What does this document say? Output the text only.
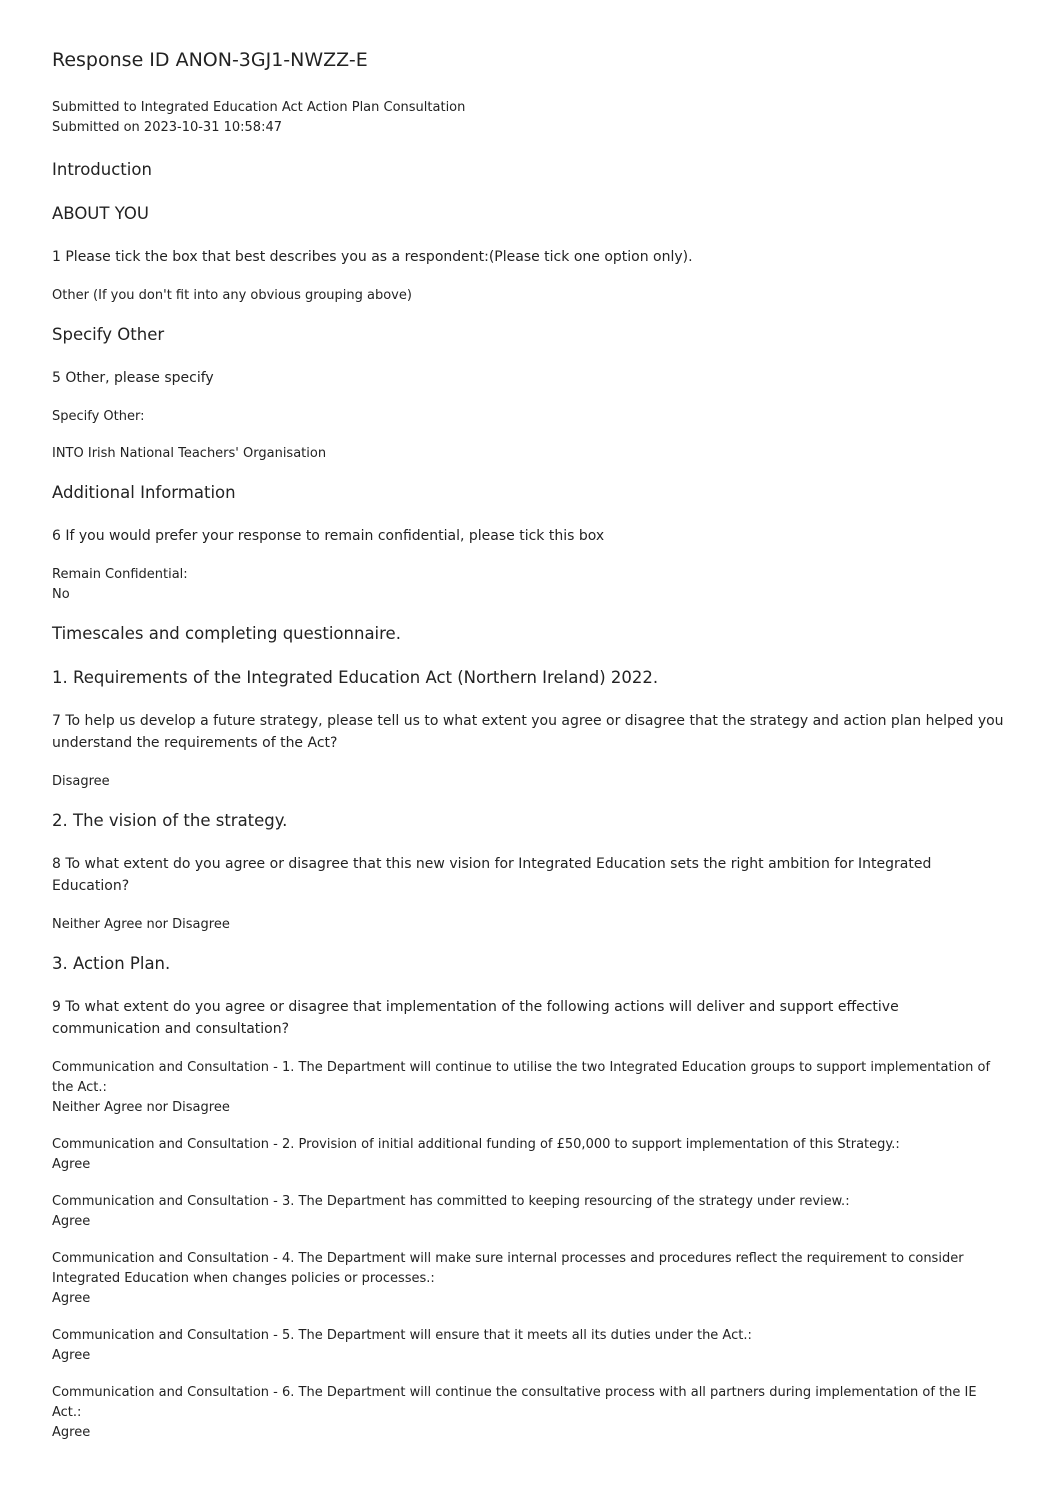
Response ID ANON-3GJ1-NWZZ-E
Submitted to Integrated Education Act Action Plan Consultation
Submitted on 2023-10-31 10:58:47
Introduction
ABOUT YOU
1 Please tick the box that best describes you as a respondent:(Please tick one option only).
Other (If you don't fit into any obvious grouping above)
Specify Other
5 Other, please specify
Specify Other:
INTO Irish National Teachers' Organisation
Additional Information
6 If you would prefer your response to remain confidential, please tick this box
Remain Confidential:
No
Timescales and completing questionnaire.
1. Requirements of the Integrated Education Act (Northern Ireland) 2022.
7 To help us develop a future strategy, please tell us to what extent you agree or disagree that the strategy and action plan helped you understand the requirements of the Act?
Disagree
2. The vision of the strategy.
8 To what extent do you agree or disagree that this new vision for Integrated Education sets the right ambition for Integrated Education?
Neither Agree nor Disagree
3. Action Plan.
9 To what extent do you agree or disagree that implementation of the following actions will deliver and support effective communication and consultation?
Communication and Consultation - 1. The Department will continue to utilise the two Integrated Education groups to support implementation of the Act.:
Neither Agree nor Disagree
Communication and Consultation - 2. Provision of initial additional funding of £50,000 to support implementation of this Strategy.:
Agree
Communication and Consultation - 3. The Department has committed to keeping resourcing of the strategy under review.:
Agree
Communication and Consultation - 4. The Department will make sure internal processes and procedures reflect the requirement to consider Integrated Education when changes policies or processes.:
Agree
Communication and Consultation - 5. The Department will ensure that it meets all its duties under the Act.:
Agree
Communication and Consultation - 6. The Department will continue the consultative process with all partners during implementation of the IE Act.:
Agree
